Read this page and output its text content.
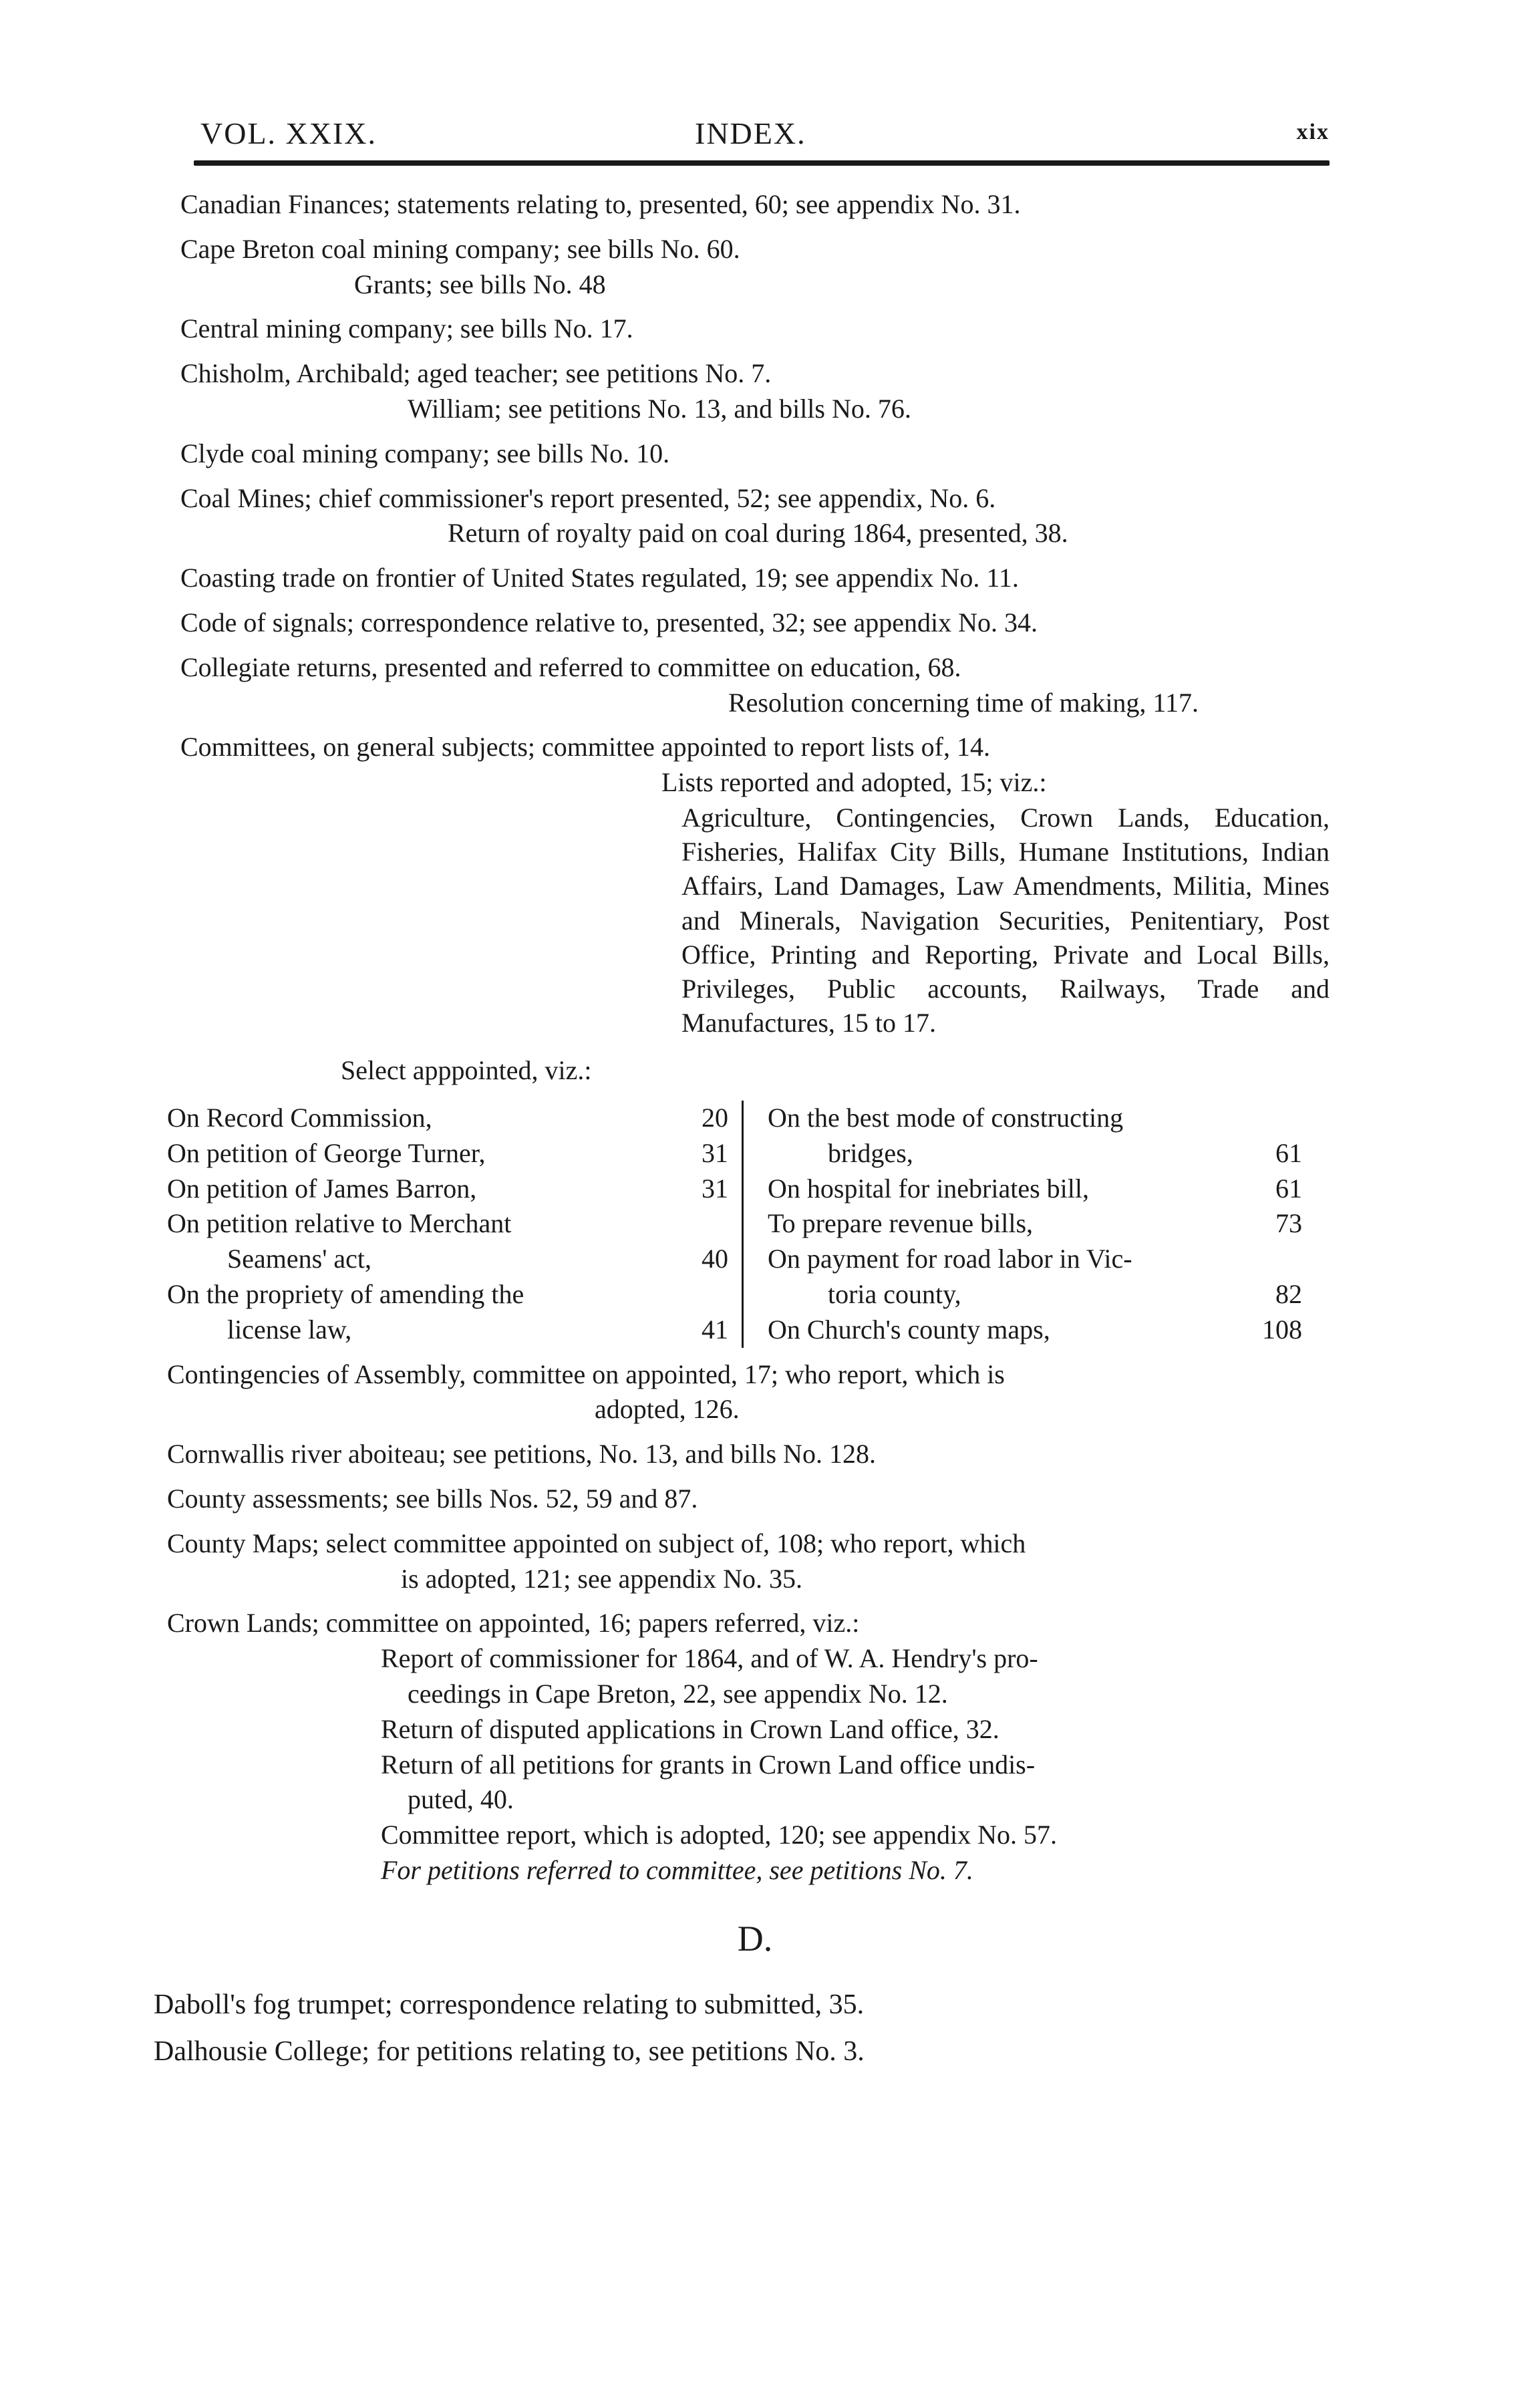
VOL. XXIX.	INDEX.	xix
Canadian Finances; statements relating to, presented, 60; see appendix No. 31.
Cape Breton coal mining company; see bills No. 60.
Grants; see bills No. 48
Central mining company; see bills No. 17.
Chisholm, Archibald; aged teacher; see petitions No. 7.
William; see petitions No. 13, and bills No. 76.
Clyde coal mining company; see bills No. 10.
Coal Mines; chief commissioner's report presented, 52; see appendix, No. 6.
Return of royalty paid on coal during 1864, presented, 38.
Coasting trade on frontier of United States regulated, 19; see appendix No. 11.
Code of signals; correspondence relative to, presented, 32; see appendix No. 34.
Collegiate returns, presented and referred to committee on education, 68.
Resolution concerning time of making, 117.
Committees, on general subjects; committee appointed to report lists of, 14.
Lists reported and adopted, 15; viz.:
Agriculture, Contingencies, Crown Lands, Education, Fisheries, Halifax City Bills, Humane Institutions, Indian Affairs, Land Damages, Law Amendments, Militia, Mines and Minerals, Navigation Securities, Penitentiary, Post Office, Printing and Reporting, Private and Local Bills, Privileges, Public accounts, Railways, Trade and Manufactures, 15 to 17.
Select apppointed, viz.:
On Record Commission,	20
On petition of George Turner,	31
On petition of James Barron,	31
On petition relative to Merchant
Seamens' act,	40
On the propriety of amending the
license law,	41
On the best mode of constructing
bridges,	61
On hospital for inebriates bill,	61
To prepare revenue bills,	73
On payment for road labor in Vic-
toria county,	82
On Church's county maps,	108
Contingencies of Assembly, committee on appointed, 17; who report, which is
adopted, 126.
Cornwallis river aboiteau; see petitions, No. 13, and bills No. 128.
County assessments; see bills Nos. 52, 59 and 87.
County Maps; select committee appointed on subject of, 108; who report, which
is adopted, 121; see appendix No. 35.
Crown Lands; committee on appointed, 16; papers referred, viz.:
Report of commissioner for 1864, and of W. A. Hendry's pro-
ceedings in Cape Breton, 22, see appendix No. 12.
Return of disputed applications in Crown Land office, 32.
Return of all petitions for grants in Crown Land office undis-
puted, 40.
Committee report, which is adopted, 120; see appendix No. 57.
For petitions referred to committee, see petitions No. 7.
D.
Daboll's fog trumpet; correspondence relating to submitted, 35.
Dalhousie College; for petitions relating to, see petitions No. 3.
